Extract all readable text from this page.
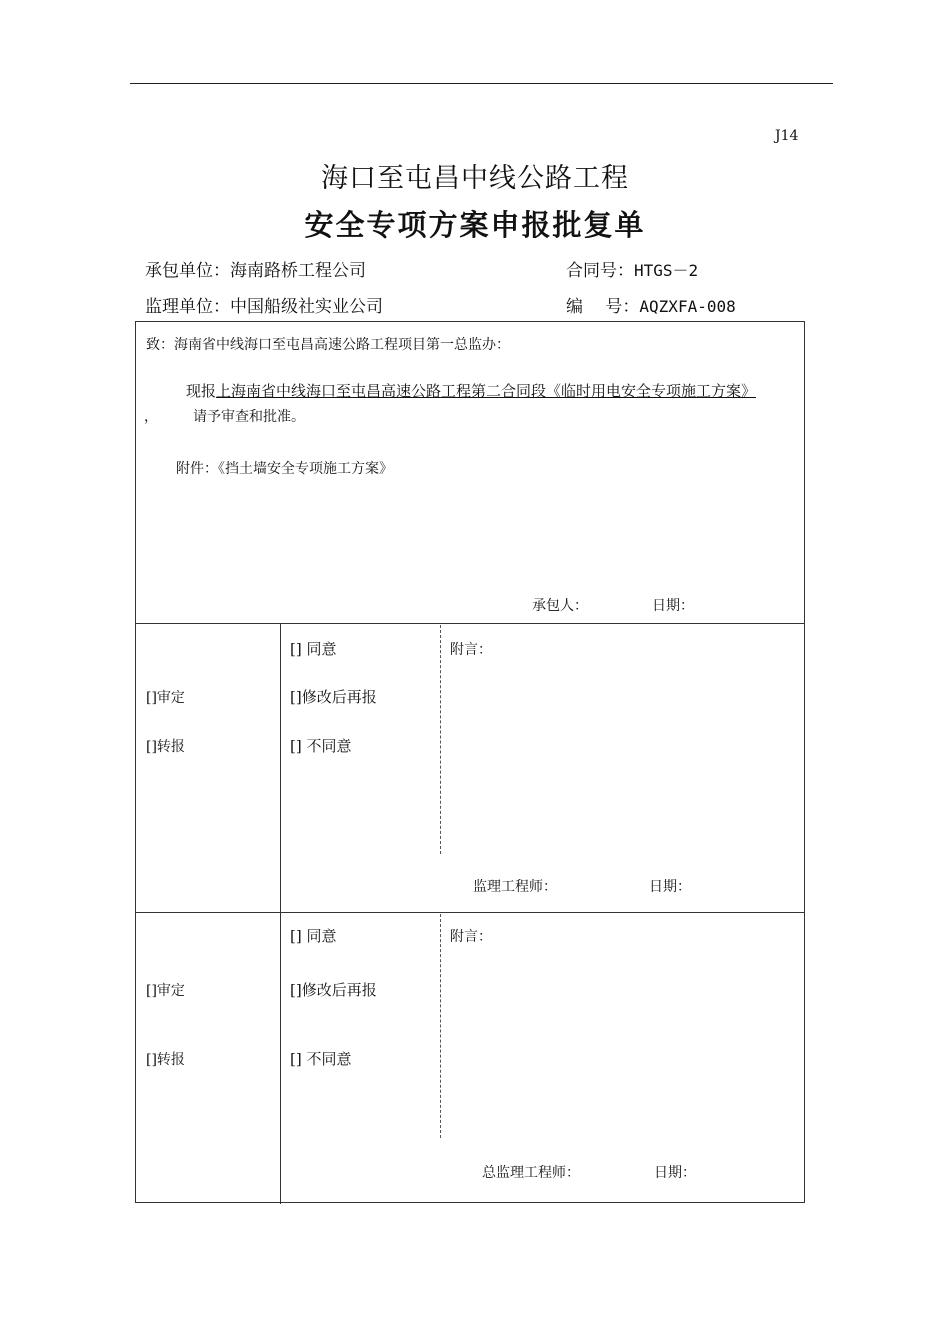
J14
海口至屯昌中线公路工程
安全专项方案申报批复单
承包单位：海南路桥工程公司	合同号：HTGS－2
监理单位：中国船级社实业公司	编　 号：AQZXFA-008
致：海南省中线海口至屯昌高速公路工程项目第一总监办：
现报上海南省中线海口至屯昌高速公路工程第二合同段《临时用电安全专项施工方案》
，	请予审查和批准。
附件：《挡土墙安全专项施工方案》
承包人：	日期：
[]审定
[]转报
[] 同意
[]修改后再报
[] 不同意
附言：
监理工程师：	日期：
[]审定
[]转报
[] 同意
[]修改后再报
[] 不同意
附言：
总监理工程师：	日期：
